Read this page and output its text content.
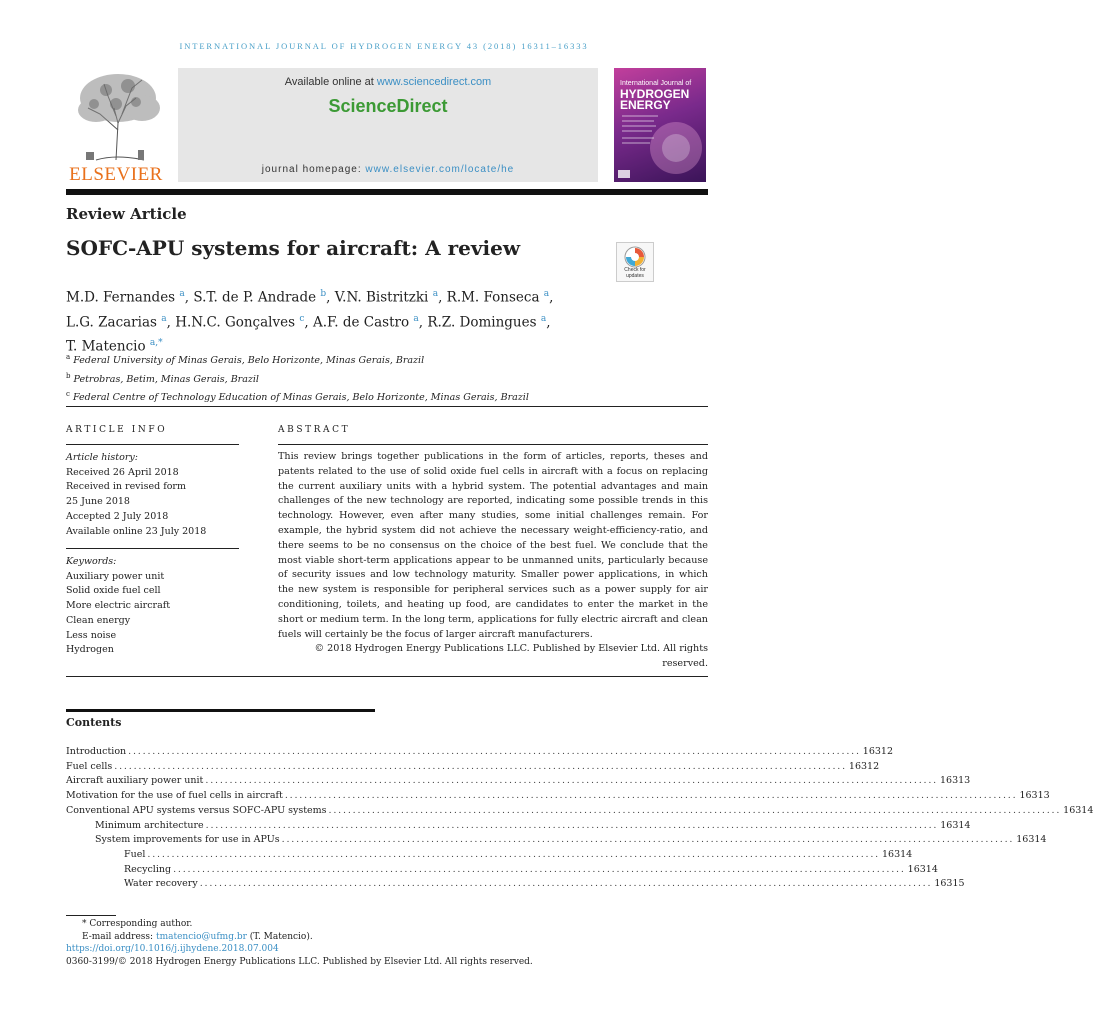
INTERNATIONAL JOURNAL OF HYDROGEN ENERGY 43 (2018) 16311–16333
ELSEVIER
Available online at www.sciencedirect.com
ScienceDirect
journal homepage: www.elsevier.com/locate/he
International Journal of
HYDROGEN
ENERGY
Review Article
SOFC-APU systems for aircraft: A review
Check for updates
M.D. Fernandes $^a$, S.T. de P. Andrade $^b$, V.N. Bistritzki $^a$, R.M. Fonseca $^a$,
L.G. Zacarias $^a$, H.N.C. Gonçalves $^c$, A.F. de Castro $^a$, R.Z. Domingues $^a$,
T. Matencio $^{a,*}$
$^a$ Federal University of Minas Gerais, Belo Horizonte, Minas Gerais, Brazil
$^b$ Petrobras, Betim, Minas Gerais, Brazil
$^c$ Federal Centre of Technology Education of Minas Gerais, Belo Horizonte, Minas Gerais, Brazil
ARTICLE INFO
Article history:
Received 26 April 2018
Received in revised form
25 June 2018
Accepted 2 July 2018
Available online 23 July 2018
Keywords:
Auxiliary power unit
Solid oxide fuel cell
More electric aircraft
Clean energy
Less noise
Hydrogen
ABSTRACT
This review brings together publications in the form of articles, reports, theses and patents related to the use of solid oxide fuel cells in aircraft with a focus on replacing the current auxiliary units with a hybrid system. The potential advantages and main challenges of the new technology are reported, indicating some possible trends in this technology. However, even after many studies, some initial challenges remain. For example, the hybrid system did not achieve the necessary weight-efficiency-ratio, and there seems to be no consensus on the choice of the best fuel. We conclude that the most viable short-term applications appear to be unmanned units, particularly because of security issues and low technology maturity. Smaller power applications, in which the new system is responsible for peripheral services such as a power supply for air conditioning, toilets, and heating up food, are candidates to enter the market in the short or medium term. In the long term, applications for fully electric aircraft and clean fuels will certainly be the focus of larger aircraft manufacturers.
© 2018 Hydrogen Energy Publications LLC. Published by Elsevier Ltd. All rights reserved.
Contents
Introduction ........................................................................................................................................................ 16312
Fuel cells ........................................................................................................................................................ 16312
Aircraft auxiliary power unit ........................................................................................................................................................ 16313
Motivation for the use of fuel cells in aircraft ........................................................................................................................................................ 16313
Conventional APU systems versus SOFC-APU systems ........................................................................................................................................................ 16314
Minimum architecture ........................................................................................................................................................ 16314
System improvements for use in APUs ........................................................................................................................................................ 16314
Fuel ........................................................................................................................................................ 16314
Recycling ........................................................................................................................................................ 16314
Water recovery ........................................................................................................................................................ 16315
* Corresponding author.
E-mail address: tmatencio@ufmg.br (T. Matencio).
https://doi.org/10.1016/j.ijhydene.2018.07.004
0360-3199/© 2018 Hydrogen Energy Publications LLC. Published by Elsevier Ltd. All rights reserved.
